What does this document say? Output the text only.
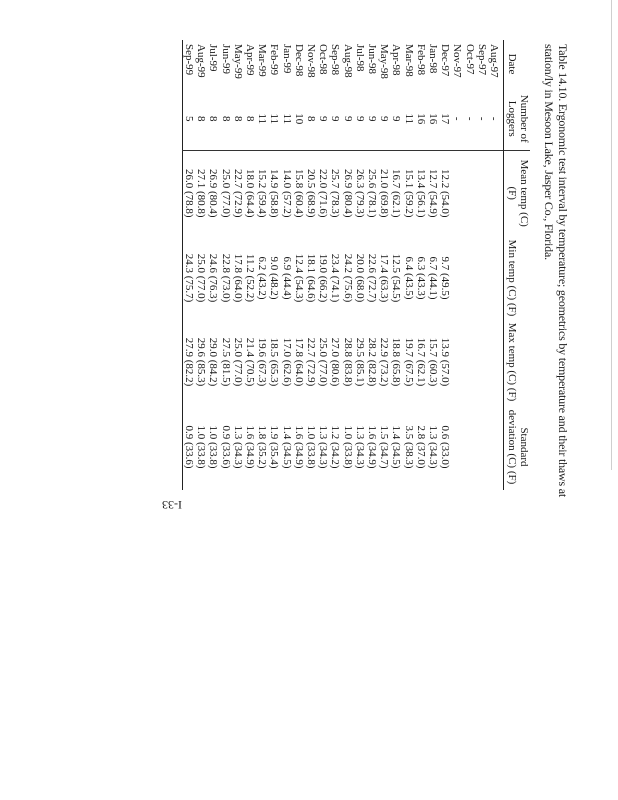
Table 14.10. Ergonomic test interval by temperature; geometrics by temperature and their thaws at
station/ly in Mesoon Lake, Jasper Co., Florida.
Date	Number of Loggers	Mean temp (C) (F)	Min temp (C) (F)	Max temp (C) (F)	Standard deviation (C) (F)
Aug-97	-				
Sep-97	-				
Oct-97	-				
Nov-97	-				
Dec-97	17	12.2 (54.0)	9.7 (49.5)	13.9 (57.0)	0.6 (33.0)
Jan-98	16	12.7 (54.9)	6.7 (44.1)	15.7 (60.3)	1.3 (34.3)
Feb-98	16	13.4 (56.1)	6.3 (43.3)	16.7 (62.1)	2.8 (37.0)
Mar-98	11	15.1 (59.2)	6.4 (43.5)	19.7 (67.5)	3.5 (38.3)
Apr-98	9	16.7 (62.1)	12.5 (54.5)	18.8 (65.8)	1.4 (34.5)
May-98	9	21.0 (69.8)	17.4 (63.3)	22.9 (73.2)	1.5 (34.7)
Jun-98	9	25.6 (78.1)	22.6 (72.7)	28.2 (82.8)	1.6 (34.9)
Jul-98	9	26.3 (79.3)	20.0 (68.0)	29.5 (85.1)	1.3 (34.3)
Aug-98	9	26.9 (80.4)	24.2 (75.6)	28.8 (83.8)	1.0 (33.8)
Sep-98	9	25.7 (78.3)	23.4 (74.1)	27.0 (80.6)	1.2 (34.2)
Oct-98	9	22.0 (71.6)	19.0 (66.2)	25.0 (77.0)	1.3 (34.3)
Nov-98	8	20.5 (68.9)	18.1 (64.6)	22.7 (72.9)	1.0 (33.8)
Dec-98	10	15.8 (60.4)	12.4 (54.3)	17.8 (64.0)	1.6 (34.9)
Jan-99	11	14.0 (57.2)	6.9 (44.4)	17.0 (62.6)	1.4 (34.5)
Feb-99	11	14.9 (58.8)	9.0 (48.2)	18.5 (65.3)	1.9 (35.4)
Mar-99	11	15.2 (59.4)	6.2 (43.2)	19.6 (67.3)	1.8 (35.2)
Apr-99	8	18.0 (64.4)	11.2 (52.2)	21.4 (70.5)	1.6 (34.9)
May-99	8	22.7 (72.9)	17.8 (64.0)	25.0 (77.0)	1.3 (34.3)
Jun-99	8	25.0 (77.0)	22.8 (73.0)	27.5 (81.5)	0.9 (33.6)
Jul-99	8	26.9 (80.4)	24.6 (76.3)	29.0 (84.2)	1.0 (33.8)
Aug-99	8	27.1 (80.8)	25.0 (77.0)	29.6 (85.3)	1.0 (33.8)
Sep-99	5	26.0 (78.8)	24.3 (75.7)	27.9 (82.2)	0.9 (33.6)

I-33
